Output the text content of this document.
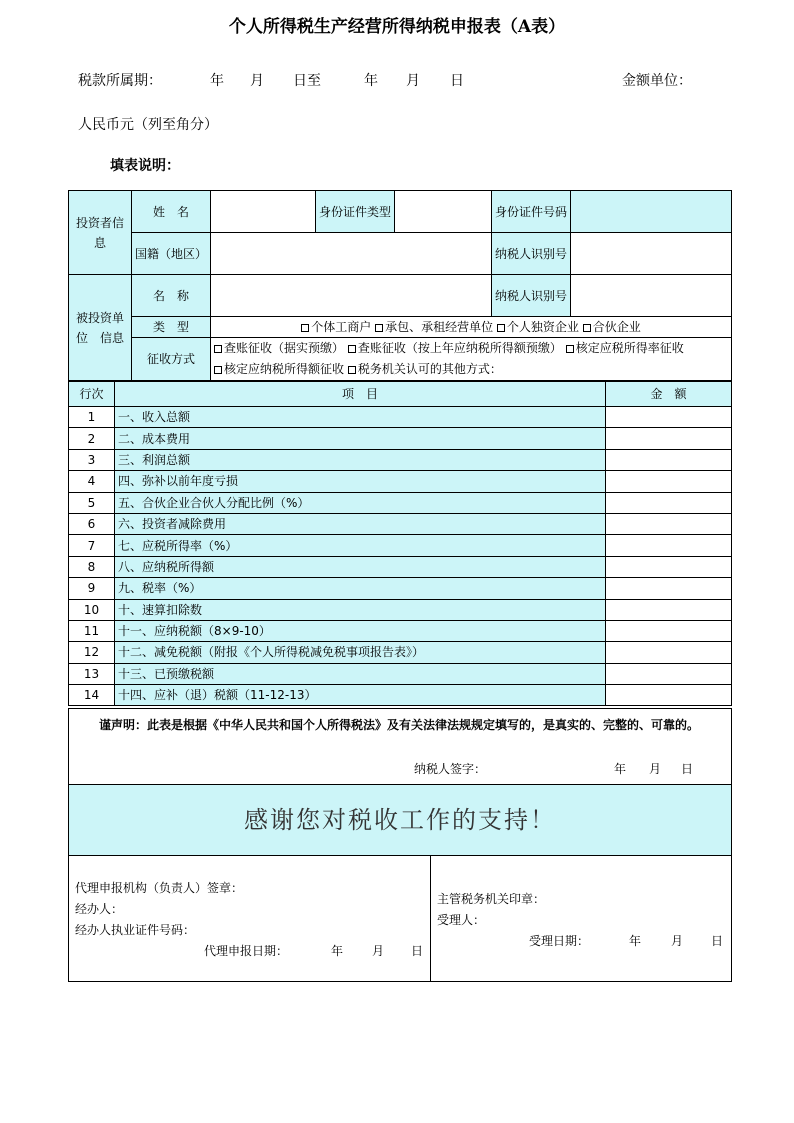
个人所得税生产经营所得纳税申报表（A表）
税款所属期：	年 月 日至	年 月 日	金额单位：
人民币元（列至角分）
填表说明：
投资者信息	姓　名		身份证件类型		身份证件号码	
	国籍（地区）				纳税人识别号	
被投资单位　信息	名　称				纳税人识别号	
	类　型	个体工商户 承包、承租经营单位 个人独资企业 合伙企业				
	征收方式	查账征收（据实预缴） 查账征收（按上年应纳税所得额预缴） 核定应税所得率征收
核定应纳税所得额征收 税务机关认可的其他方式：				
行次	项　目	金　额
1	一、收入总额	
2	二、成本费用	
3	三、利润总额	
4	四、弥补以前年度亏损	
5	五、合伙企业合伙人分配比例（%）	
6	六、投资者减除费用	
7	七、应税所得率（%）	
8	八、应纳税所得额	
9	九、税率（%）	
10	十、速算扣除数	
11	十一、应纳税额（8×9-10）	
12	十二、减免税额（附报《个人所得税减免税事项报告表》）	
13	十三、已预缴税额	
14	十四、应补（退）税额（11-12-13）	
谨声明：此表是根据《中华人民共和国个人所得税法》及有关法律法规规定填写的，是真实的、完整的、可靠的。
纳税人签字：	年 月 日

感谢您对税收工作的支持！

代理申报机构（负责人）签章：
经办人：
经办人执业证件号码：
代理申报日期：	年 月 日

主管税务机关印章：
受理人：
受理日期：	年 月 日
